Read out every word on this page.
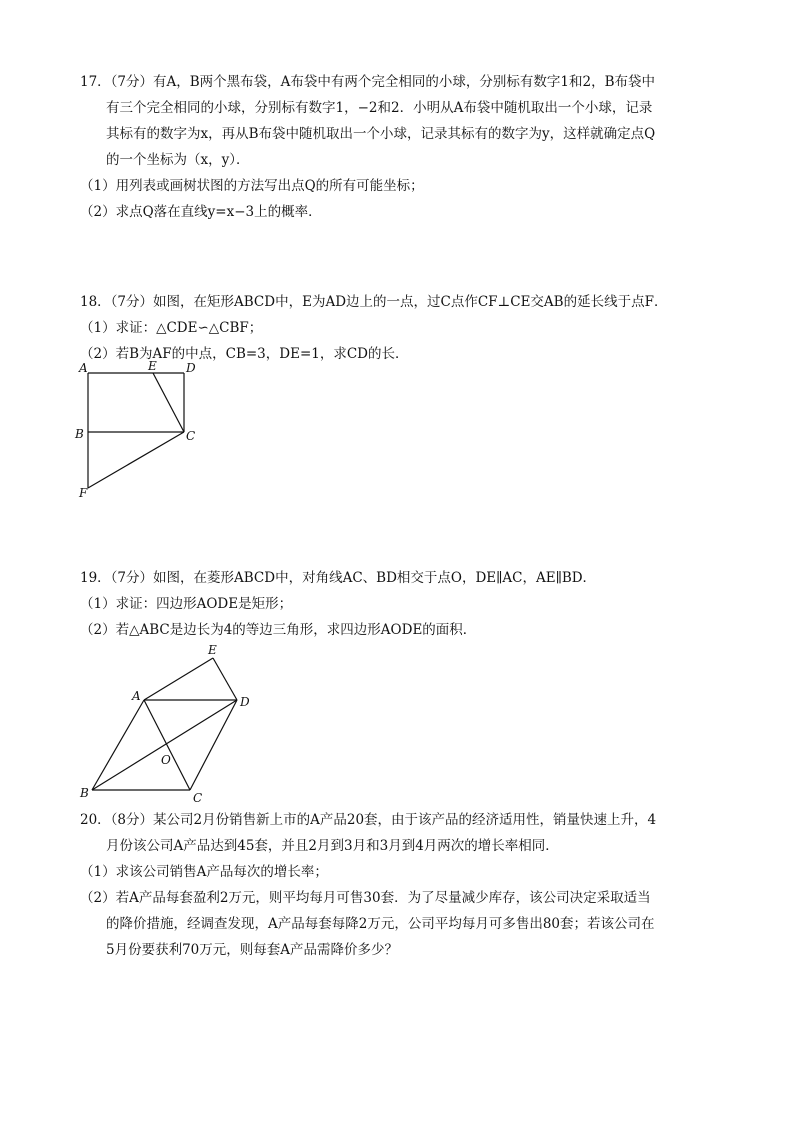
17．（7分）有A，B两个黑布袋，A布袋中有两个完全相同的小球，分别标有数字1和2，B布袋中
有三个完全相同的小球，分别标有数字1，−2和2．小明从A布袋中随机取出一个小球，记录
其标有的数字为x，再从B布袋中随机取出一个小球，记录其标有的数字为y，这样就确定点Q
的一个坐标为（x，y）．
（1）用列表或画树状图的方法写出点Q的所有可能坐标；
（2）求点Q落在直线y=x−3上的概率．
18．（7分）如图，在矩形ABCD中，E为AD边上的一点，过C点作CF⊥CE交AB的延长线于点F．
（1）求证：△CDE∽△CBF；
（2）若B为AF的中点，CB=3，DE=1，求CD的长．
A	E D
B	C
F
19．（7分）如图，在菱形ABCD中，对角线AC、BD相交于点O，DE∥AC，AE∥BD．
（1）求证：四边形AODE是矩形；
（2）若△ABC是边长为4的等边三角形，求四边形AODE的面积．
E
A	D
O
B	C
20．（8分）某公司2月份销售新上市的A产品20套，由于该产品的经济适用性，销量快速上升，4
月份该公司A产品达到45套，并且2月到3月和3月到4月两次的增长率相同．
（1）求该公司销售A产品每次的增长率；
（2）若A产品每套盈利2万元，则平均每月可售30套．为了尽量减少库存，该公司决定采取适当
的降价措施，经调查发现，A产品每套每降2万元，公司平均每月可多售出80套；若该公司在
5月份要获利70万元，则每套A产品需降价多少？
